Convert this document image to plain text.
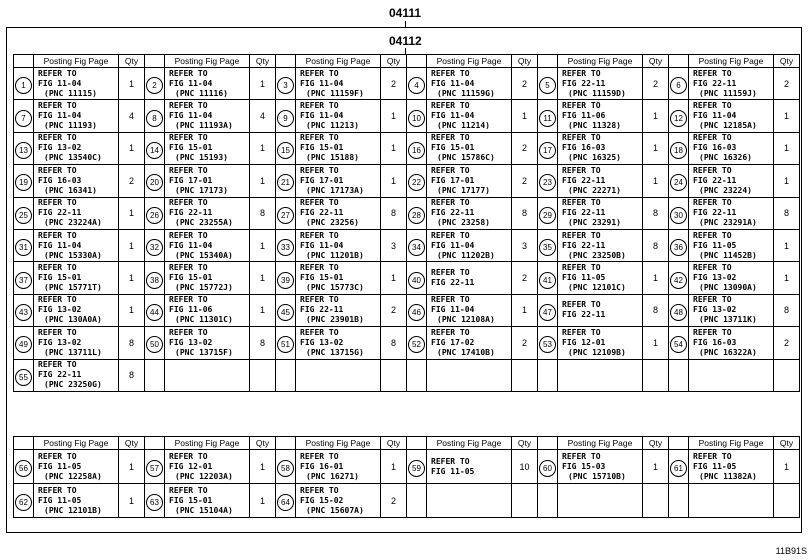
04111
04112
	Posting Fig Page	Qty		Posting Fig Page	Qty		Posting Fig Page	Qty		Posting Fig Page	Qty		Posting Fig Page	Qty		Posting Fig Page	Qty
1	REFER TO
FIG 11-04
(PNC 11115)	1	2	REFER TO
FIG 11-04
(PNC 11116)	1	3	REFER TO
FIG 11-04
(PNC 11159F)	2	4	REFER TO
FIG 11-04
(PNC 11159G)	2	5	REFER TO
FIG 22-11
(PNC 11159D)	2	6	REFER TO
FIG 22-11
(PNC 11159J)	2
7	REFER TO
FIG 11-04
(PNC 11193)	4	8	REFER TO
FIG 11-04
(PNC 11193A)	4	9	REFER TO
FIG 11-04
(PNC 11213)	1	10	REFER TO
FIG 11-04
(PNC 11214)	1	11	REFER TO
FIG 11-06
(PNC 11328)	1	12	REFER TO
FIG 11-04
(PNC 12185A)	1
13	REFER TO
FIG 13-02
(PNC 13540C)	1	14	REFER TO
FIG 15-01
(PNC 15193)	1	15	REFER TO
FIG 15-01
(PNC 15188)	1	16	REFER TO
FIG 15-01
(PNC 15786C)	2	17	REFER TO
FIG 16-03
(PNC 16325)	1	18	REFER TO
FIG 16-03
(PNC 16326)	1
19	REFER TO
FIG 16-03
(PNC 16341)	2	20	REFER TO
FIG 17-01
(PNC 17173)	1	21	REFER TO
FIG 17-01
(PNC 17173A)	1	22	REFER TO
FIG 17-01
(PNC 17177)	2	23	REFER TO
FIG 22-11
(PNC 22271)	1	24	REFER TO
FIG 22-11
(PNC 23224)	1
25	REFER TO
FIG 22-11
(PNC 23224A)	1	26	REFER TO
FIG 22-11
(PNC 23255A)	8	27	REFER TO
FIG 22-11
(PNC 23256)	8	28	REFER TO
FIG 22-11
(PNC 23258)	8	29	REFER TO
FIG 22-11
(PNC 23291)	8	30	REFER TO
FIG 22-11
(PNC 23291A)	8
31	REFER TO
FIG 11-04
(PNC 15330A)	1	32	REFER TO
FIG 11-04
(PNC 15340A)	1	33	REFER TO
FIG 11-04
(PNC 11201B)	3	34	REFER TO
FIG 11-04
(PNC 11202B)	3	35	REFER TO
FIG 22-11
(PNC 23250B)	8	36	REFER TO
FIG 11-05
(PNC 11452B)	1
37	REFER TO
FIG 15-01
(PNC 15771T)	1	38	REFER TO
FIG 15-01
(PNC 15772J)	1	39	REFER TO
FIG 15-01
(PNC 15773C)	1	40	REFER TO
FIG 22-11	2	41	REFER TO
FIG 11-05
(PNC 12101C)	1	42	REFER TO
FIG 13-02
(PNC 13090A)	1
43	REFER TO
FIG 13-02
(PNC 130A0A)	1	44	REFER TO
FIG 11-06
(PNC 11301C)	1	45	REFER TO
FIG 22-11
(PNC 23901B)	2	46	REFER TO
FIG 11-04
(PNC 12108A)	1	47	REFER TO
FIG 22-11	8	48	REFER TO
FIG 13-02
(PNC 13711K)	8
49	REFER TO
FIG 13-02
(PNC 13711L)	8	50	REFER TO
FIG 13-02
(PNC 13715F)	8	51	REFER TO
FIG 13-02
(PNC 13715G)	8	52	REFER TO
FIG 17-02
(PNC 17410B)	2	53	REFER TO
FIG 12-01
(PNC 12109B)	1	54	REFER TO
FIG 16-03
(PNC 16322A)	2
55	REFER TO
FIG 22-11
(PNC 23250G)	8															
	Posting Fig Page	Qty		Posting Fig Page	Qty		Posting Fig Page	Qty		Posting Fig Page	Qty		Posting Fig Page	Qty		Posting Fig Page	Qty
56	REFER TO
FIG 11-05
(PNC 12258A)	1	57	REFER TO
FIG 12-01
(PNC 12203A)	1	58	REFER TO
FIG 16-01
(PNC 16271)	1	59	REFER TO
FIG 11-05	10	60	REFER TO
FIG 15-03
(PNC 15710B)	1	61	REFER TO
FIG 11-05
(PNC 11382A)	1
62	REFER TO
FIG 11-05
(PNC 12101B)	1	63	REFER TO
FIG 15-01
(PNC 15104A)	1	64	REFER TO
FIG 15-02
(PNC 15607A)	2									
11B91S
